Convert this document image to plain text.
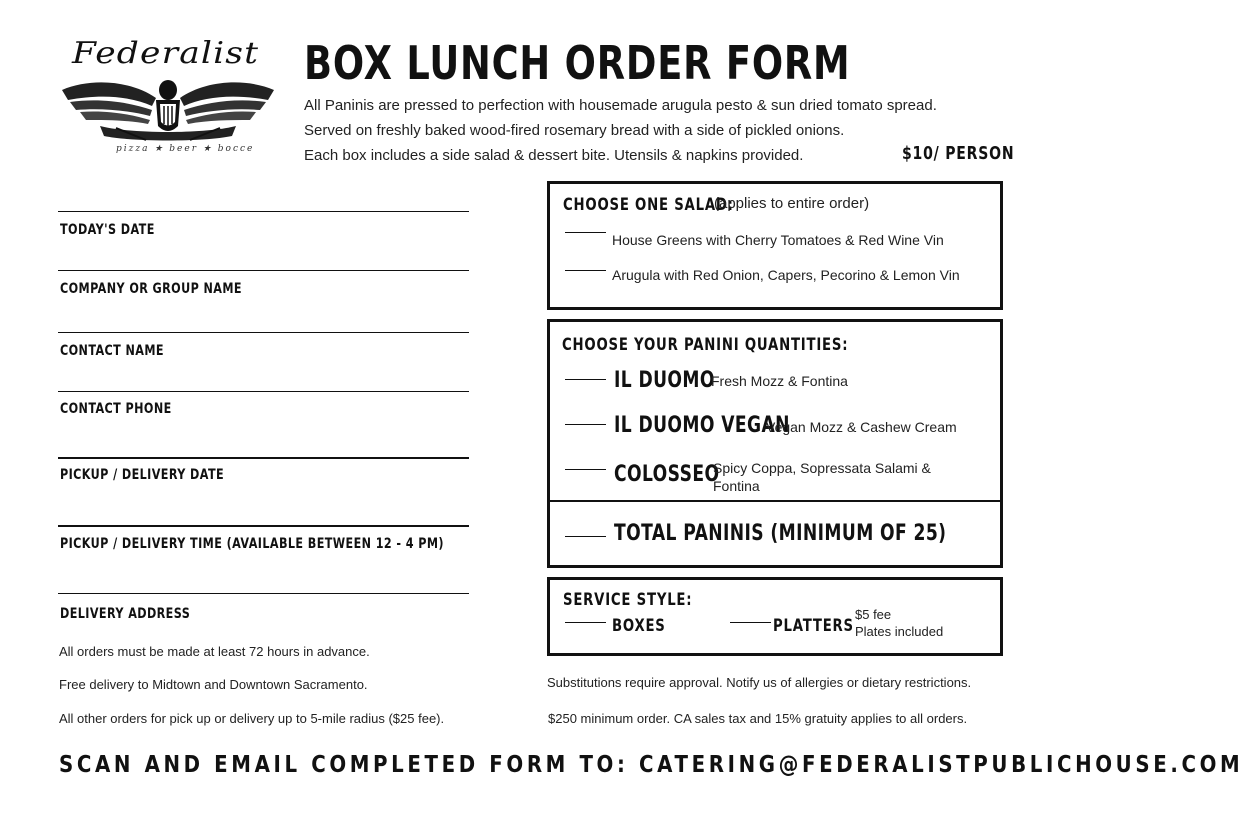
Federalist
pizza ★ beer ★ bocce
BOX LUNCH ORDER FORM
All Paninis are pressed to perfection with housemade arugula pesto & sun dried tomato spread.
Served on freshly baked wood-fired rosemary bread with a side of pickled onions.
Each box includes a side salad & dessert bite. Utensils & napkins provided.	$10/ PERSON
TODAY'S DATE
COMPANY OR GROUP NAME
CONTACT NAME
CONTACT PHONE
PICKUP / DELIVERY DATE
PICKUP / DELIVERY TIME (AVAILABLE BETWEEN 12 - 4 PM)
DELIVERY ADDRESS
All orders must be made at least 72 hours in advance.
Free delivery to Midtown and Downtown Sacramento.
All other orders for pick up or delivery up to 5-mile radius ($25 fee).
CHOOSE ONE SALAD:
(applies to entire order)
House Greens with Cherry Tomatoes & Red Wine Vin
Arugula with Red Onion, Capers, Pecorino & Lemon Vin
CHOOSE YOUR PANINI QUANTITIES:
IL DUOMO
Fresh Mozz & Fontina
IL DUOMO VEGAN
Vegan Mozz & Cashew Cream
COLOSSEO
Spicy Coppa, Sopressata Salami & Fontina
TOTAL PANINIS (MINIMUM OF 25)
SERVICE STYLE:
BOXES	PLATTERS
$5 fee
Plates included
Substitutions require approval. Notify us of allergies or dietary restrictions.
$250 minimum order. CA sales tax and 15% gratuity applies to all orders.
SCAN AND EMAIL COMPLETED FORM TO: CATERING@FEDERALISTPUBLICHOUSE.COM
